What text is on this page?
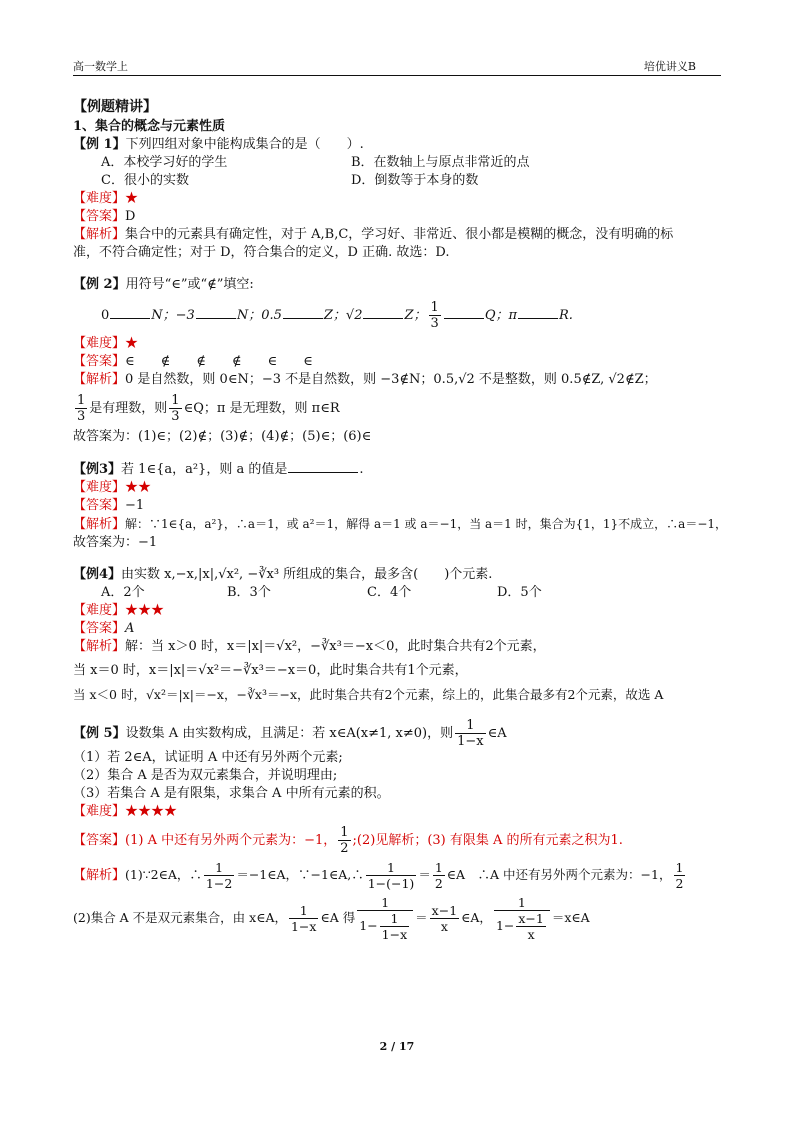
高一数学上	培优讲义B
【例题精讲】
1、集合的概念与元素性质
【例 1】下列四组对象中能构成集合的是（　　）.
A．本校学习好的学生	B．在数轴上与原点非常近的点
C．很小的实数	D．倒数等于本身的数
【难度】★
【答案】D
【解析】集合中的元素具有确定性，对于 A,B,C，学习好、非常近、很小都是模糊的概念，没有明确的标
准，不符合确定性；对于 D，符合集合的定义，D 正确. 故选：D.
【例 2】用符号“∈”或“∉”填空:
0	N；−3	N；0.5	Z；√2	Z； $\frac{1}{3}$	Q；π	R.
【难度】★
【答案】∈　　∉　　∉　　∉　　∈　　∈
【解析】0 是自然数，则 0∈N；−3 不是自然数，则 −3∉N；0.5,√2 不是整数，则 0.5∉Z, √2∉Z；
$\frac{1}{3}$ 是有理数，则 $\frac{1}{3}$ ∈Q；π 是无理数，则 π∈R
故答案为：(1)∈；(2)∉；(3)∉；(4)∉；(5)∈；(6)∈
【例3】若 1∈{a，a²}，则 a 的值是	.
【难度】★★
【答案】−1
【解析】解：∵1∈{a，a²}，∴a＝1，或 a²＝1，解得 a＝1 或 a＝−1，当 a＝1 时，集合为{1，1}不成立，∴a＝−1，
故答案为：−1
【例4】由实数 x,−x,|x|,√x², −∛x³ 所组成的集合，最多含(　　)个元素.
A．2个	B．3个	C．4个	D．5个
【难度】★★★
【答案】A
【解析】解：当 x＞0 时，x＝|x|＝√x²，−∛x³＝−x＜0，此时集合共有2个元素，
当 x＝0 时，x＝|x|＝√x²＝−∛x³＝−x＝0，此时集合共有1个元素，
当 x＜0 时，√x²＝|x|＝−x，−∛x³＝−x，此时集合共有2个元素，综上的，此集合最多有2个元素，故选 A
【例 5】设数集 A 由实数构成，且满足：若 x∈A(x≠1, x≠0)，则 $\frac{1}{1-x}$ ∈A
（1）若 2∈A，试证明 A 中还有另外两个元素;
（2）集合 A 是否为双元素集合，并说明理由;
（3）若集合 A 是有限集，求集合 A 中所有元素的积。
【难度】★★★★
【答案】(1) A 中还有另外两个元素为：−1， $\frac{1}{2}$ ;(2)见解析；(3) 有限集 A 的所有元素之积为1.
【解析】(1)∵2∈A，∴ $\frac{1}{1-2}$ ＝−1∈A，∵−1∈A,∴ $\frac{1}{1-(-1)} = \frac{1}{2}$ ∈A　∴A 中还有另外两个元素为：−1， $\frac{1}{2}$
(2)集合 A 不是双元素集合，由 x∈A， $\frac{1}{1-x}$ ∈A 得 $\frac{1}{1- \frac{1}{1-x}} = \frac{x-1}{x}$ ∈A， $\frac{1}{1- \frac{x-1}{x}}$ ＝x∈A
2 / 17
